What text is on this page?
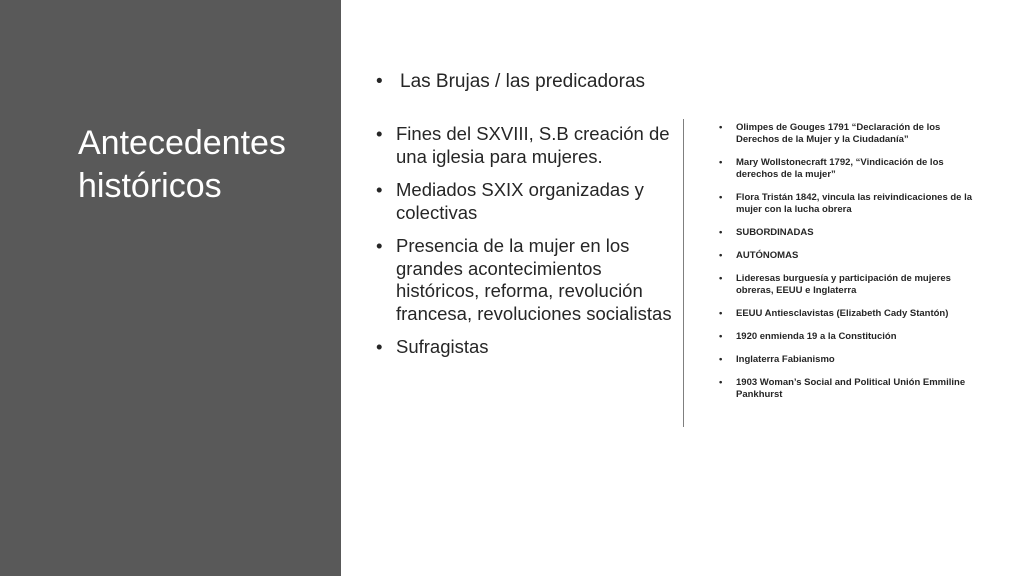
Antecedentes históricos
• Las Brujas / las predicadoras
• Fines del SXVIII, S.B creación de una iglesia para mujeres.
• Mediados SXIX organizadas y colectivas
• Presencia de la mujer en los grandes acontecimientos históricos, reforma, revolución francesa, revoluciones socialistas
• Sufragistas
• Olimpes de Gouges 1791 “Declaración de los Derechos de la Mujer y la Ciudadanía”
• Mary Wollstonecraft 1792, “Vindicación de los derechos de la mujer”
• Flora Tristán 1842, vincula las reivindicaciones de la mujer con la lucha obrera
• SUBORDINADAS
• AUTÓNOMAS
• Lideresas burguesía y participación de mujeres obreras, EEUU e Inglaterra
• EEUU Antiesclavistas (Elizabeth Cady Stantón)
• 1920 enmienda 19 a la Constitución
• Inglaterra Fabianismo
• 1903 Woman’s Social and Political Unión Emmiline Pankhurst
